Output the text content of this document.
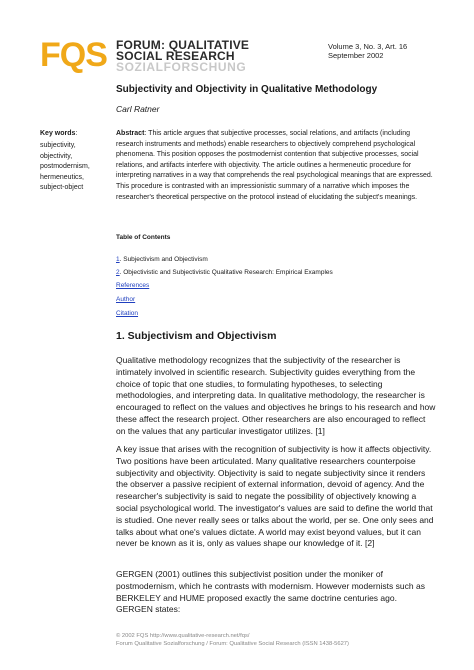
FQS FORUM: QUALITATIVE
SOCIAL RESEARCH
SOZIALFORSCHUNG
Volume 3, No. 3, Art. 16
September 2002
Subjectivity and Objectivity in Qualitative Methodology
Carl Ratner
Key words:
subjectivity,
objectivity,
postmodernism,
hermeneutics,
subject-object
Abstract: This article argues that subjective processes, social relations, and artifacts (including research instruments and methods) enable researchers to objectively comprehend psychological phenomena. This position opposes the postmodernist contention that subjective processes, social relations, and artifacts interfere with objectivity. The article outlines a hermeneutic procedure for interpreting narratives in a way that comprehends the real psychological meanings that are expressed. This procedure is contrasted with an impressionistic summary of a narrative which imposes the researcher's theoretical perspective on the protocol instead of elucidating the subject's meanings.
Table of Contents
1. Subjectivism and Objectivism
2. Objectivistic and Subjectivistic Qualitative Research: Empirical Examples
References
Author
Citation
1. Subjectivism and Objectivism
Qualitative methodology recognizes that the subjectivity of the researcher is intimately involved in scientific research. Subjectivity guides everything from the choice of topic that one studies, to formulating hypotheses, to selecting methodologies, and interpreting data. In qualitative methodology, the researcher is encouraged to reflect on the values and objectives he brings to his research and how these affect the research project. Other researchers are also encouraged to reflect on the values that any particular investigator utilizes. [1]
A key issue that arises with the recognition of subjectivity is how it affects objectivity. Two positions have been articulated. Many qualitative researchers counterpoise subjectivity and objectivity. Objectivity is said to negate subjectivity since it renders the observer a passive recipient of external information, devoid of agency. And the researcher's subjectivity is said to negate the possibility of objectively knowing a social psychological world. The investigator's values are said to define the world that is studied. One never really sees or talks about the world, per se. One only sees and talks about what one's values dictate. A world may exist beyond values, but it can never be known as it is, only as values shape our knowledge of it. [2]
GERGEN (2001) outlines this subjectivist position under the moniker of postmodernism, which he contrasts with modernism. However modernists such as BERKELEY and HUME proposed exactly the same doctrine centuries ago. GERGEN states:
© 2002 FQS http://www.qualitative-research.net/fqs/
Forum Qualitative Sozialforschung / Forum: Qualitative Social Research (ISSN 1438-5627)
